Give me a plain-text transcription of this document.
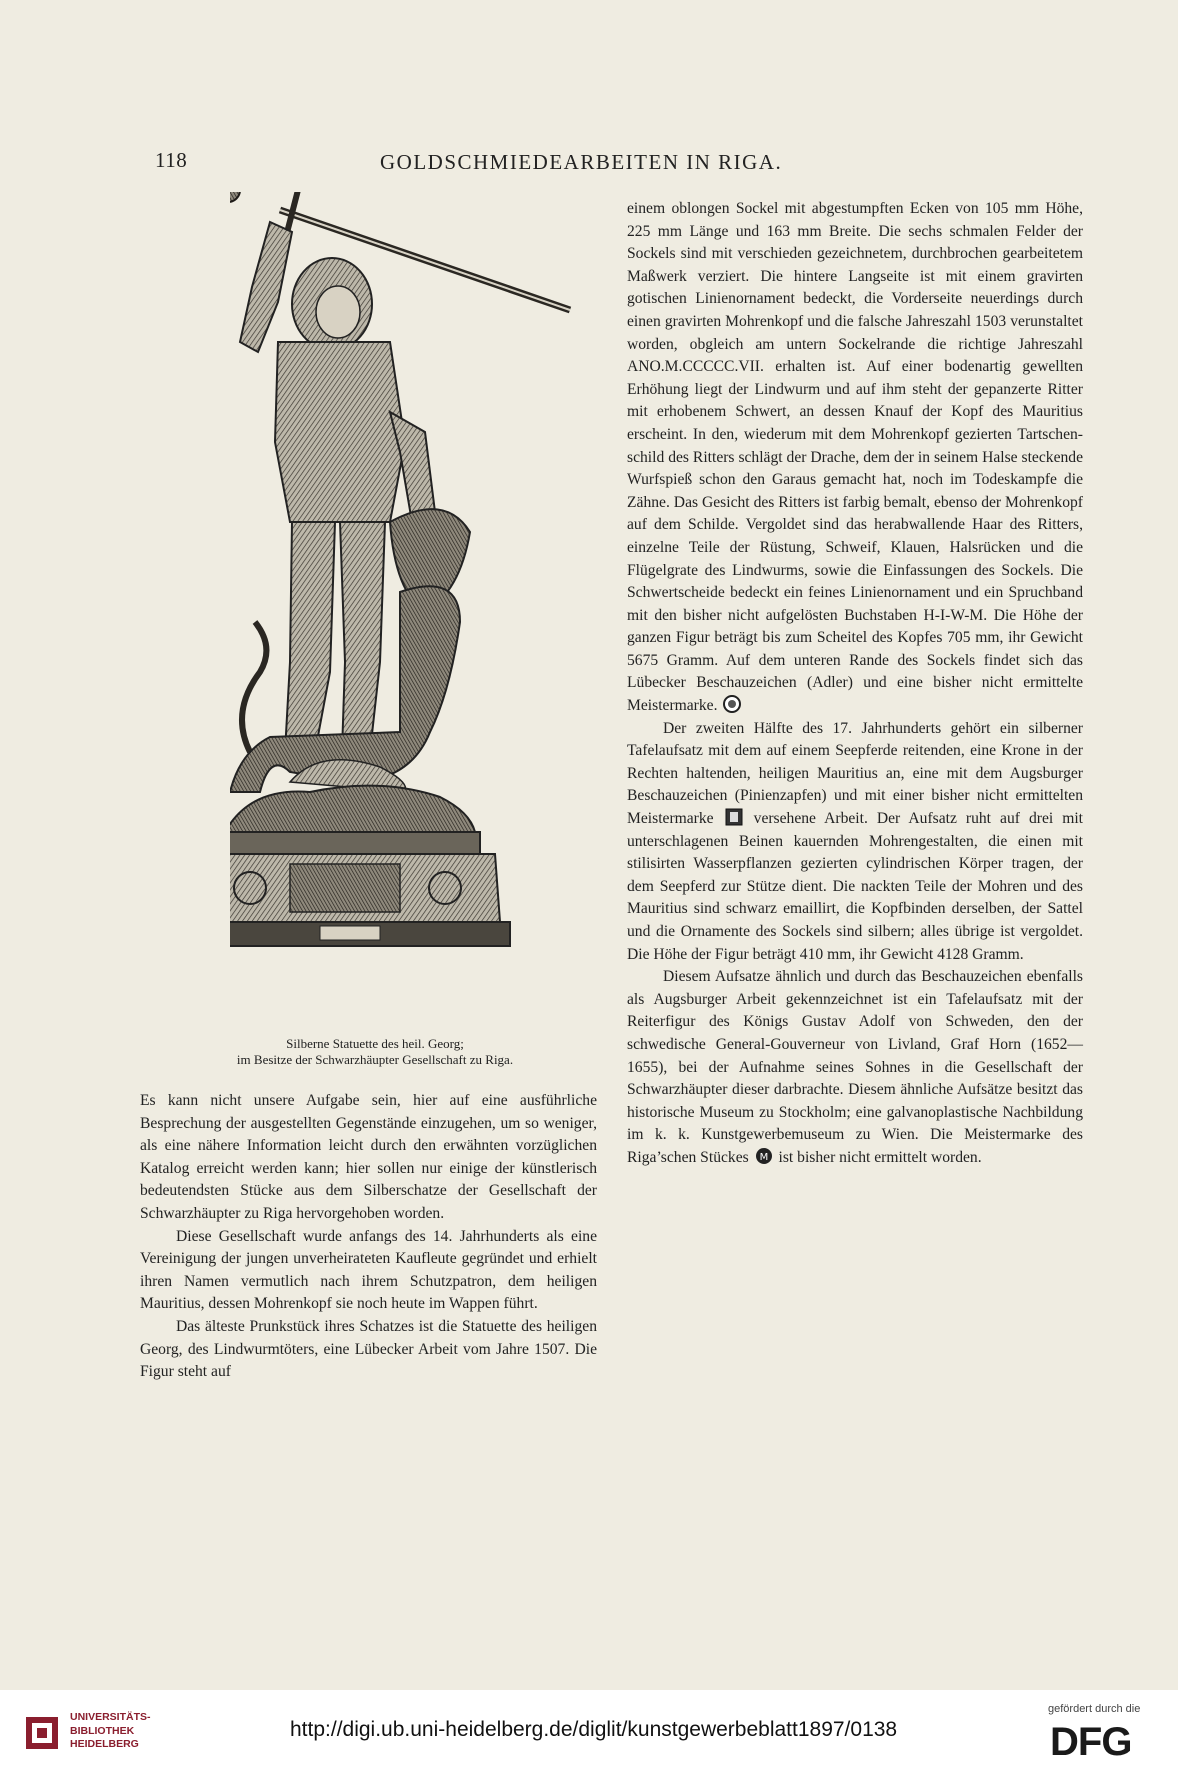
118	GOLDSCHMIEDEARBEITEN IN RIGA.
Silberne Statuette des heil. Georg;
im Besitze der Schwarzhäupter Gesellschaft zu Riga.

Es kann nicht unsere Aufgabe sein, hier auf eine ausführliche Besprechung der ausgestellten Gegenstände einzugehen, um so weniger, als eine nähere Information leicht durch den erwähnten vorzüglichen Katalog erreicht werden kann; hier sollen nur einige der künstlerisch bedeutendsten Stücke aus dem Silberschatze der Gesellschaft der Schwarzhäupter zu Riga hervorgehoben worden.

Diese Gesellschaft wurde anfangs des 14. Jahrhunderts als eine Vereinigung der jungen unverheirateten Kaufleute gegründet und erhielt ihren Namen vermutlich nach ihrem Schutzpatron, dem heiligen Mauritius, dessen Mohrenkopf sie noch heute im Wappen führt.

Das älteste Prunkstück ihres Schatzes ist die Statuette des heiligen Georg, des Lindwurmtöters, eine Lübecker Arbeit vom Jahre 1507. Die Figur steht auf

einem oblongen Sockel mit abgestumpften Ecken von 105 mm Höhe, 225 mm Länge und 163 mm Breite. Die sechs schmalen Felder der Sockels sind mit verschieden gezeichnetem, durchbrochen gearbeitetem Maßwerk verziert. Die hintere Langseite ist mit einem gravirten gotischen Linienornament bedeckt, die Vorderseite neuerdings durch einen gravirten Mohrenkopf und die falsche Jahreszahl 1503 verunstaltet worden, obgleich am untern Sockelrande die richtige Jahreszahl ANO.M.CCCCC.VII. erhalten ist. Auf einer bodenartig gewellten Erhöhung liegt der Lindwurm und auf ihm steht der gepanzerte Ritter mit erhobenem Schwert, an dessen Knauf der Kopf des Mauritius erscheint. In den, wiederum mit dem Mohrenkopf gezierten Tartschenschild des Ritters schlägt der Drache, dem der in seinem Halse steckende Wurfspieß schon den Garaus gemacht hat, noch im Todeskampfe die Zähne. Das Gesicht des Ritters ist farbig bemalt, ebenso der Mohrenkopf auf dem Schilde. Vergoldet sind das herabwallende Haar des Ritters, einzelne Teile der Rüstung, Schweif, Klauen, Halsrücken und die Flügelgrate des Lindwurms, sowie die Einfassungen des Sockels. Die Schwertscheide bedeckt ein feines Linienornament und ein Spruchband mit den bisher nicht aufgelösten Buchstaben H-I-W-M. Die Höhe der ganzen Figur beträgt bis zum Scheitel des Kopfes 705 mm, ihr Gewicht 5675 Gramm. Auf dem unteren Rande des Sockels findet sich das Lübecker Beschauzeichen (Adler) und eine bisher nicht ermittelte Meistermarke.

Der zweiten Hälfte des 17. Jahrhunderts gehört ein silberner Tafelaufsatz mit dem auf einem Seepferde reitenden, eine Krone in der Rechten haltenden, heiligen Mauritius an, eine mit dem Augsburger Beschauzeichen (Pinienzapfen) und mit einer bisher nicht ermittelten Meistermarke	versehene Arbeit. Der Aufsatz ruht auf drei mit unterschlagenen Beinen kauernden Mohrengestalten, die einen mit stilisirten Wasserpflanzen gezierten cylindrischen Körper tragen, der dem Seepferd zur Stütze dient. Die nackten Teile der Mohren und des Mauritius sind schwarz emaillirt, die Kopfbinden derselben, der Sattel und die Ornamente des Sockels sind silbern; alles übrige ist vergoldet. Die Höhe der Figur beträgt 410 mm, ihr Gewicht 4128 Gramm.

Diesem Aufsatze ähnlich und durch das Beschauzeichen ebenfalls als Augsburger Arbeit gekennzeichnet ist ein Tafelaufsatz mit der Reiterfigur des Königs Gustav Adolf von Schweden, den der schwedische General-Gouverneur von Livland, Graf Horn (1652—1655), bei der Aufnahme seines Sohnes in die Gesellschaft der Schwarzhäupter dieser darbrachte. Diesem ähnliche Aufsätze besitzt das historische Museum zu Stockholm; eine galvanoplastische Nachbildung im k. k. Kunstgewerbemuseum zu Wien. Die Meistermarke des Riga’schen Stückes M ist bisher nicht ermittelt worden.

UNIVERSITÄTS-
BIBLIOTHEK
HEIDELBERG
http://digi.ub.uni-heidelberg.de/diglit/kunstgewerbeblatt1897/0138
gefördert durch die
DFG
